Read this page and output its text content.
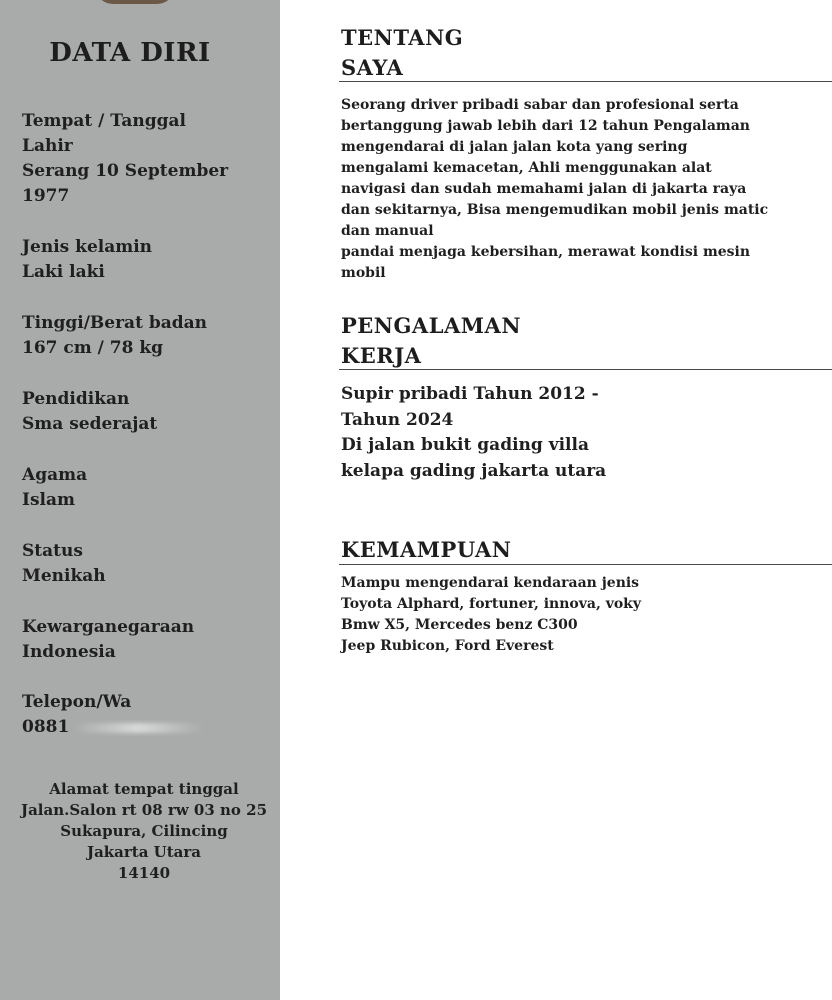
DATA DIRI
Tempat / Tanggal
Lahir
Serang 10 September
1977
Jenis kelamin
Laki laki
Tinggi/Berat badan
167 cm / 78 kg
Pendidikan
Sma sederajat
Agama
Islam
Status
Menikah
Kewarganegaraan
Indonesia
Telepon/Wa
0881
Alamat tempat tinggal
Jalan.Salon rt 08 rw 03 no 25
Sukapura, Cilincing
Jakarta Utara
14140
TENTANG
SAYA
Seorang driver pribadi sabar dan profesional serta
bertanggung jawab lebih dari 12 tahun Pengalaman
mengendarai di jalan jalan kota yang sering
mengalami kemacetan, Ahli menggunakan alat
navigasi dan sudah memahami jalan di jakarta raya
dan sekitarnya, Bisa mengemudikan mobil jenis matic
dan manual
pandai menjaga kebersihan, merawat kondisi mesin
mobil
PENGALAMAN
KERJA
Supir pribadi Tahun 2012 -
Tahun 2024
Di jalan bukit gading villa
kelapa gading jakarta utara
KEMAMPUAN
Mampu mengendarai kendaraan jenis
Toyota Alphard, fortuner, innova, voky
Bmw X5, Mercedes benz C300
Jeep Rubicon, Ford Everest
